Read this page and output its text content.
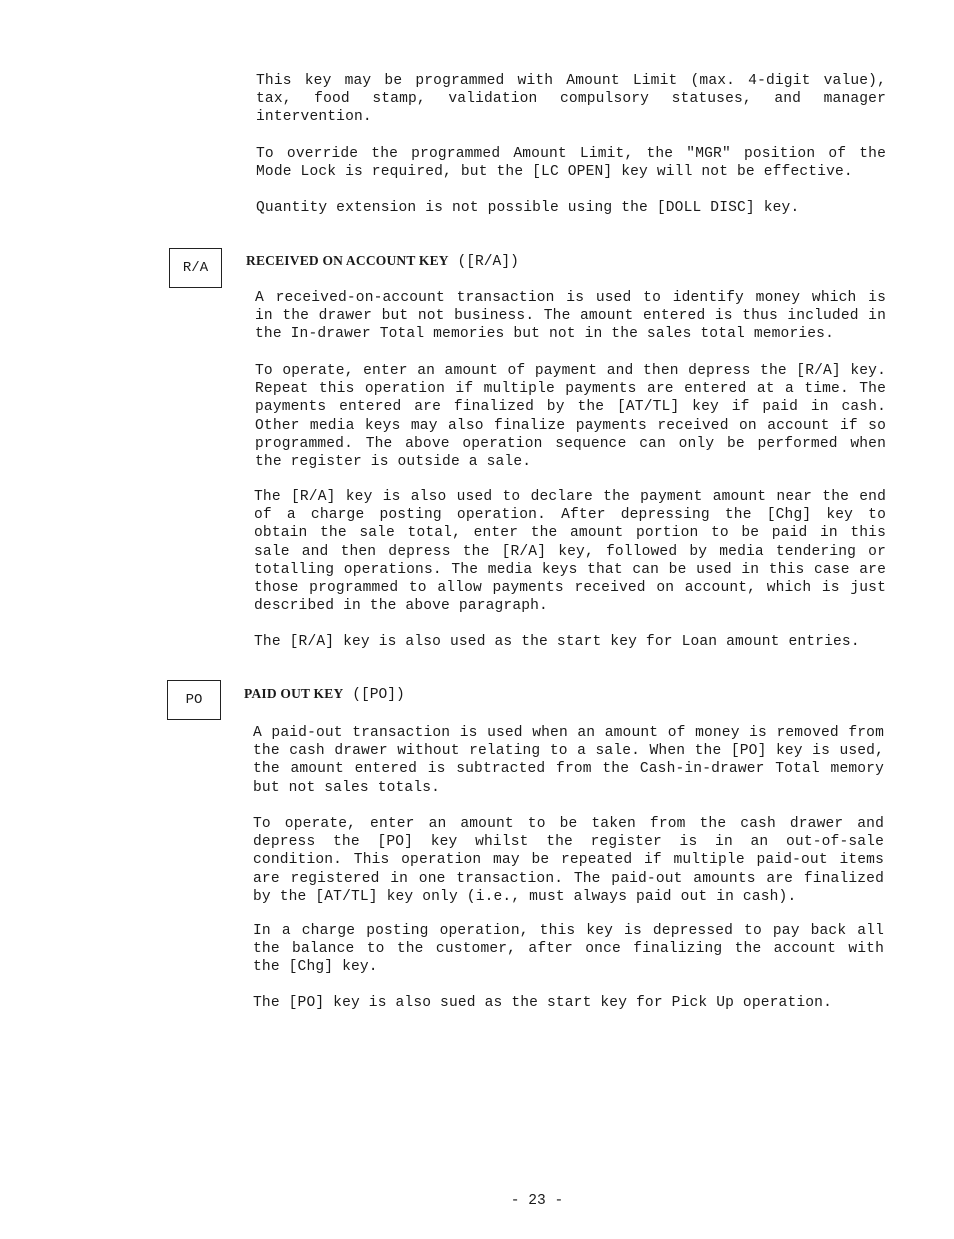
This key may be programmed with Amount Limit (max. 4-digit value), tax, food stamp, validation compulsory statuses, and manager intervention.

To override the programmed Amount Limit, the "MGR" position of the Mode Lock is required, but the [LC OPEN] key will not be effective.

Quantity extension is not possible using the [DOLL DISC] key.

R/A	RECEIVED ON ACCOUNT KEY ([R/A])

A received-on-account transaction is used to identify money which is in the drawer but not business. The amount entered is thus included in the In-drawer Total memories but not in the sales total memories.

To operate, enter an amount of payment and then depress the [R/A] key. Repeat this operation if multiple payments are entered at a time. The payments entered are finalized by the [AT/TL] key if paid in cash. Other media keys may also finalize payments received on account if so programmed. The above operation sequence can only be performed when the register is outside a sale.

The [R/A] key is also used to declare the payment amount near the end of a charge posting operation. After depressing the [Chg] key to obtain the sale total, enter the amount portion to be paid in this sale and then depress the [R/A] key, followed by media tendering or totalling operations. The media keys that can be used in this case are those programmed to allow payments received on account, which is just described in the above paragraph.

The [R/A] key is also used as the start key for Loan amount entries.

PO	PAID OUT KEY ([PO])

A paid-out transaction is used when an amount of money is removed from the cash drawer without relating to a sale. When the [PO] key is used, the amount entered is subtracted from the Cash-in-drawer Total memory but not sales totals.

To operate, enter an amount to be taken from the cash drawer and depress the [PO] key whilst the register is in an out-of-sale condition. This operation may be repeated if multiple paid-out items are registered in one transaction. The paid-out amounts are finalized by the [AT/TL] key only (i.e., must always paid out in cash).

In a charge posting operation, this key is depressed to pay back all the balance to the customer, after once finalizing the account with the [Chg] key.

The [PO] key is also sued as the start key for Pick Up operation.

- 23 -
